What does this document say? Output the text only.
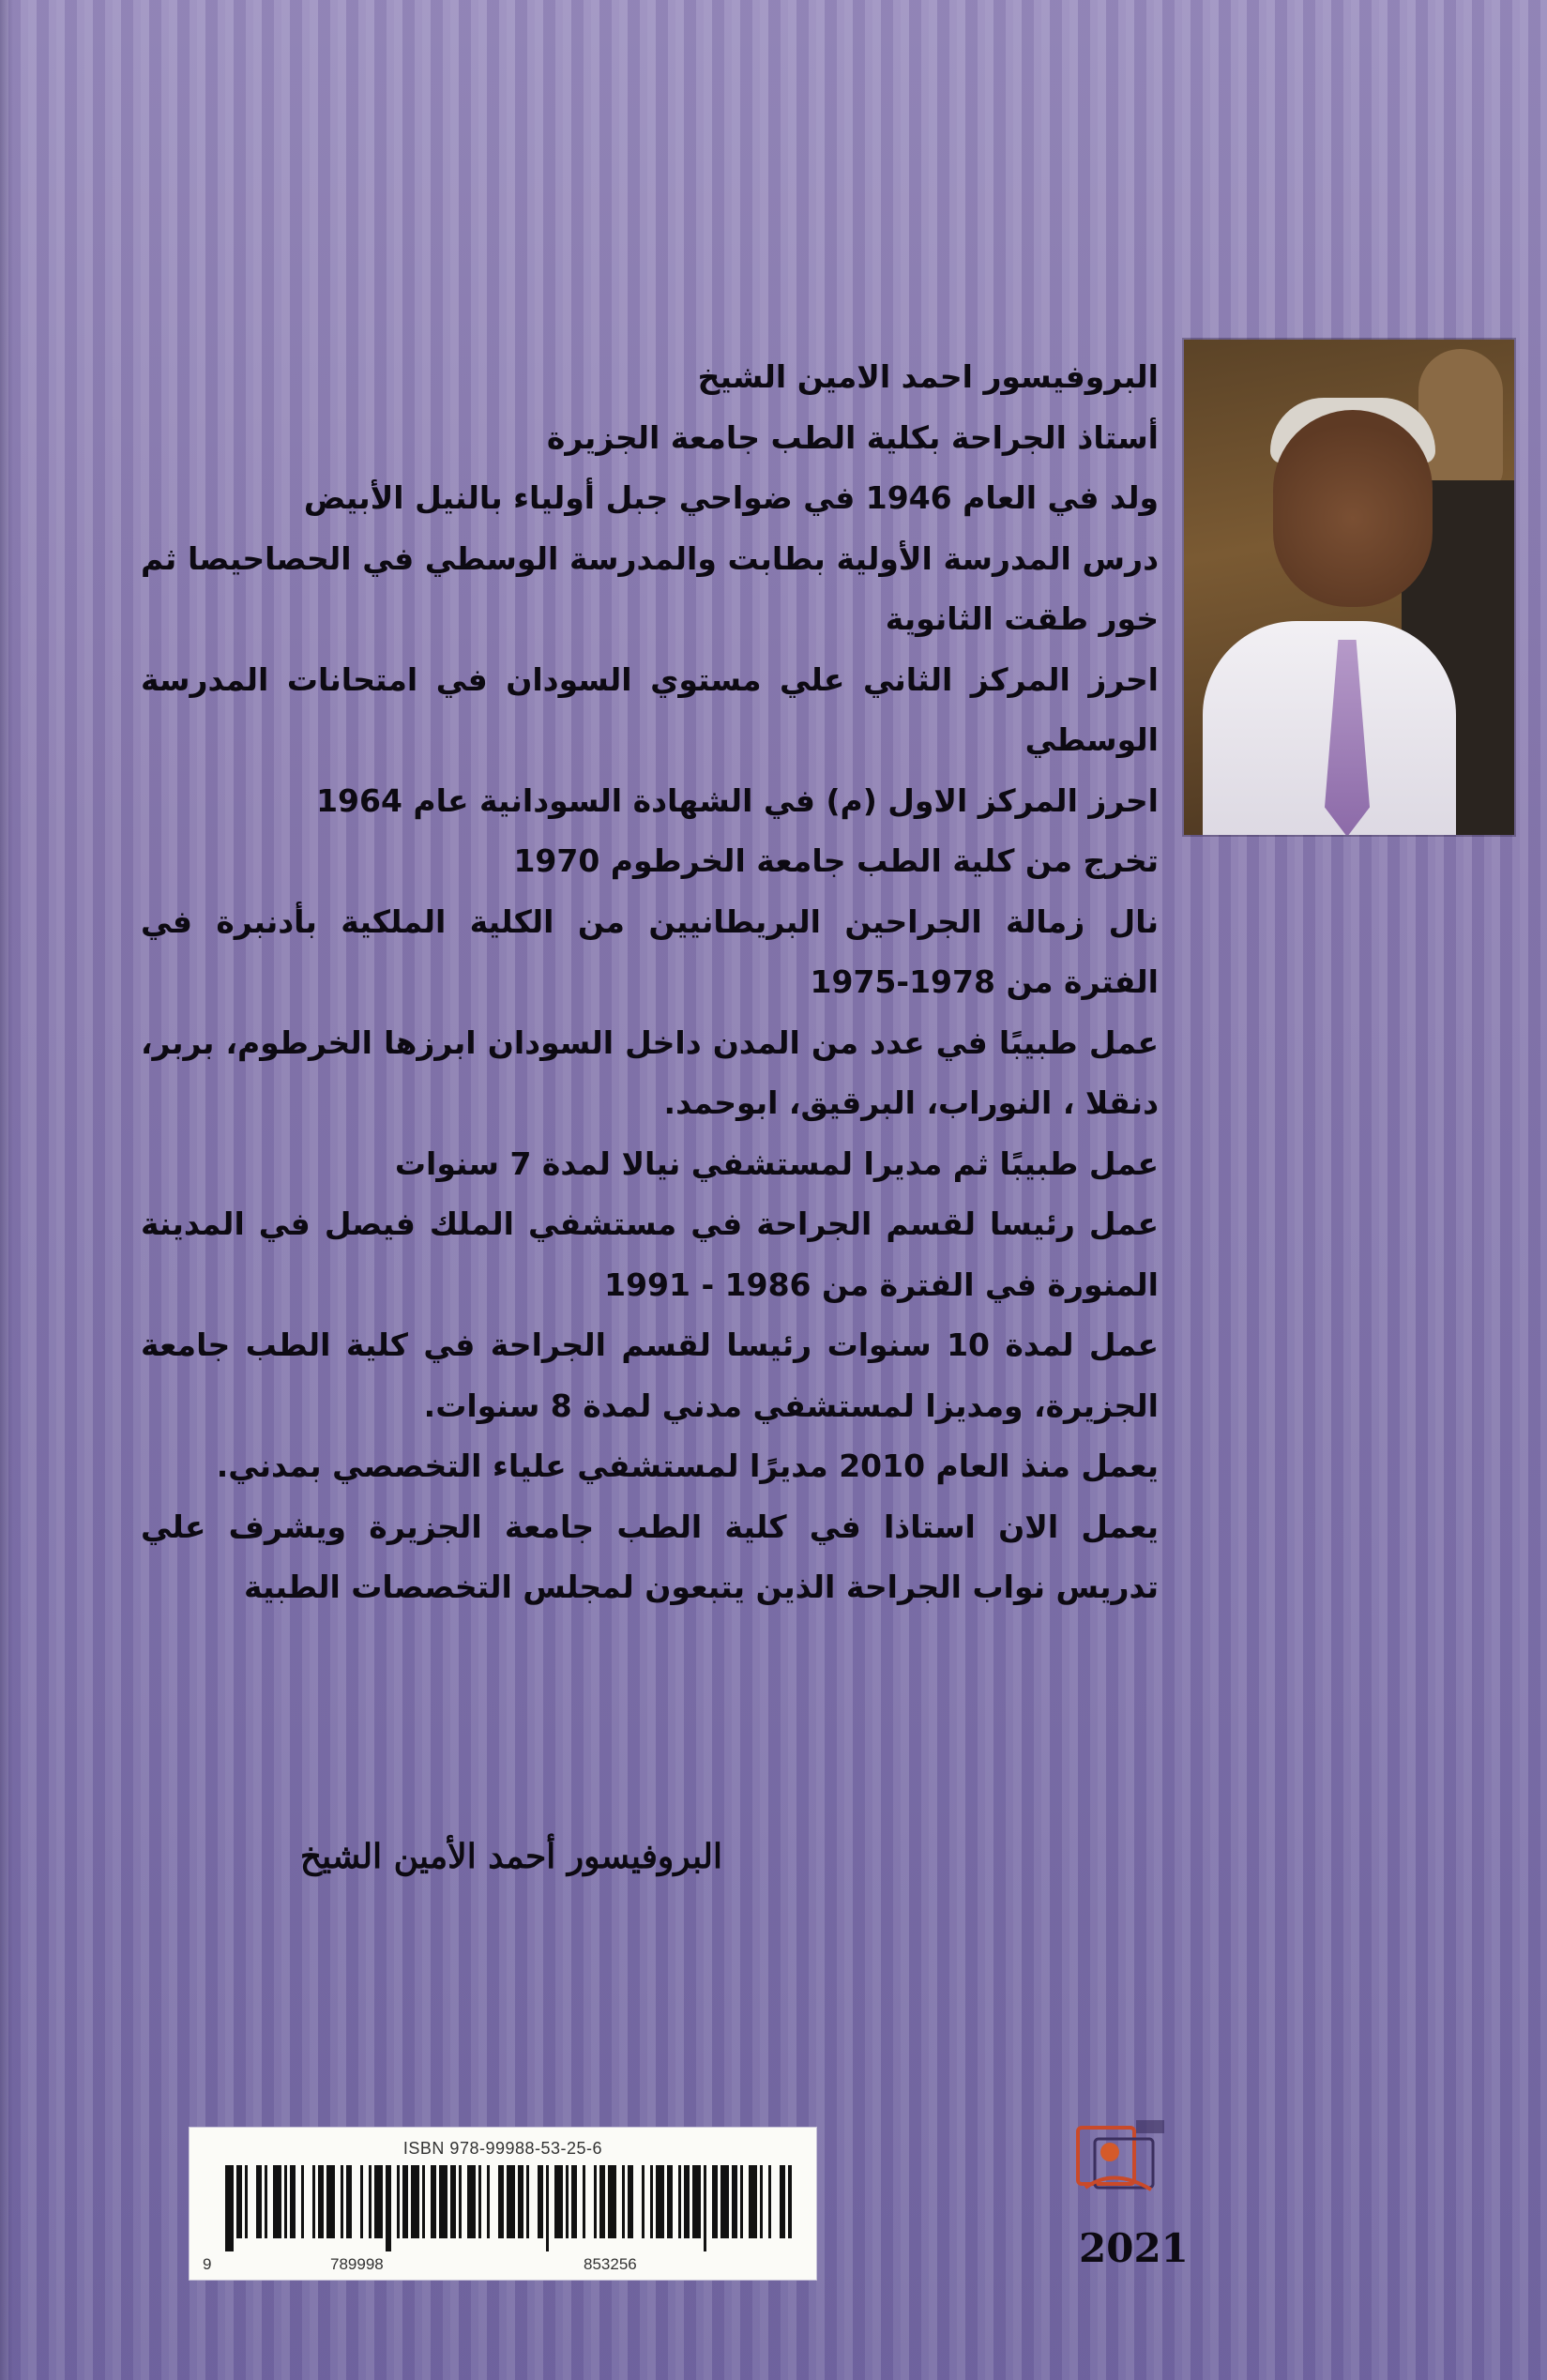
البروفيسور احمد الامين الشيخ

أستاذ الجراحة بكلية الطب جامعة الجزيرة

ولد في العام 1946 في ضواحي جبل أولياء بالنيل الأبيض

درس المدرسة الأولية بطابت والمدرسة الوسطي في الحصاحيصا ثم خور طقت الثانوية

احرز المركز الثاني علي مستوي السودان في امتحانات المدرسة الوسطي

احرز المركز الاول (م) في الشهادة السودانية عام 1964

تخرج من كلية الطب جامعة الخرطوم 1970

نال زمالة الجراحين البريطانيين من الكلية الملكية بأدنبرة في الفترة من 1978-1975

عمل طبيبًا في عدد من المدن داخل السودان ابرزها الخرطوم، بربر، دنقلا ، النوراب، البرقيق، ابوحمد.

عمل طبيبًا ثم مديرا لمستشفي نيالا لمدة 7 سنوات

عمل رئيسا لقسم الجراحة في مستشفي الملك فيصل في المدينة المنورة في الفترة من 1986 - 1991

عمل لمدة 10 سنوات رئيسا لقسم الجراحة في كلية الطب جامعة الجزيرة، ومديزا لمستشفي مدني لمدة 8 سنوات.

يعمل منذ العام 2010 مديرًا لمستشفي علياء التخصصي بمدني.

يعمل الان استاذا في كلية الطب جامعة الجزيرة ويشرف علي تدريس نواب الجراحة الذين يتبعون لمجلس التخصصات الطبية

البروفيسور أحمد الأمين الشيخ
ISBN 978-99988-53-25-6
9	789998	853256	2021
